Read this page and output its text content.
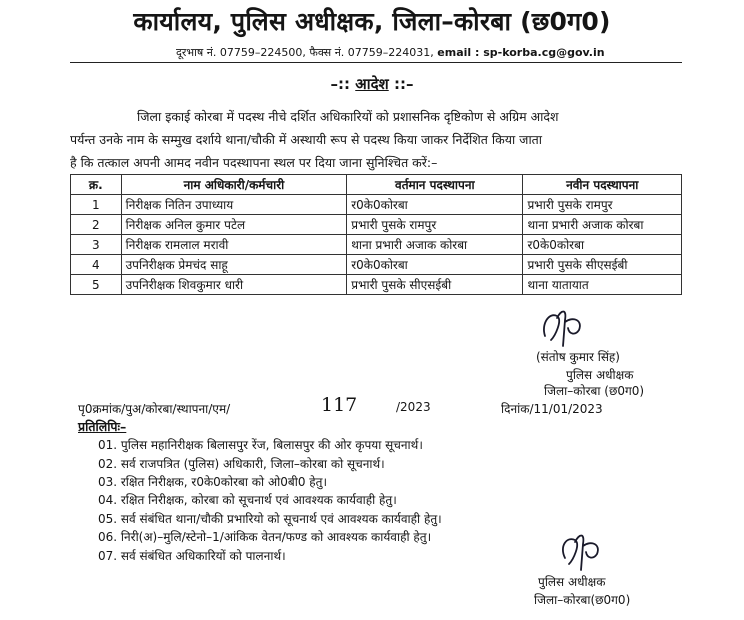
कार्यालय, पुलिस अधीक्षक, जिला–कोरबा (छ0ग0)
दूरभाष नं. 07759–224500, फैक्स नं. 07759–224031, email : sp-korba.cg@gov.in
–:: आदेश ::–
जिला इकाई कोरबा में पदस्थ नीचे दर्शित अधिकारियों को प्रशासनिक दृष्टिकोण से अग्रिम आदेश
पर्यन्त उनके नाम के सम्मुख दर्शाये थाना/चौकी में अस्थायी रूप से पदस्थ किया जाकर निर्देशित किया जाता
है कि तत्काल अपनी आमद नवीन पदस्थापना स्थल पर दिया जाना सुनिश्चित करें:–
क्र.	नाम अधिकारी/कर्मचारी	वर्तमान पदस्थापना	नवीन पदस्थापना
1	निरीक्षक नितिन उपाध्याय	र0के0कोरबा	प्रभारी पुसके रामपुर
2	निरीक्षक अनिल कुमार पटेल	प्रभारी पुसके रामपुर	थाना प्रभारी अजाक कोरबा
3	निरीक्षक रामलाल मरावी	थाना प्रभारी अजाक कोरबा	र0के0कोरबा
4	उपनिरीक्षक प्रेमचंद साहू	र0के0कोरबा	प्रभारी पुसके सीएसईबी
5	उपनिरीक्षक शिवकुमार धारी	प्रभारी पुसके सीएसईबी	थाना यातायात
(संतोष कुमार सिंह)
पुलिस अधीक्षक
जिला–कोरबा (छ0ग0)
पृ0क्रमांक/पुअ/कोरबा/स्थापना/एम/	117	/2023	दिनांक/11/01/2023
प्रतिलिपिः–
01. पुलिस महानिरीक्षक बिलासपुर रेंज, बिलासपुर की ओर कृपया सूचनार्थ।
02. सर्व राजपत्रित (पुलिस) अधिकारी, जिला–कोरबा को सूचनार्थ।
03. रक्षित निरीक्षक, र0के0कोरबा को ओ0बी0 हेतु।
04. रक्षित निरीक्षक, कोरबा को सूचनार्थ एवं आवश्यक कार्यवाही हेतु।
05. सर्व संबंधित थाना/चौकी प्रभारियो को सूचनार्थ एवं आवश्यक कार्यवाही हेतु।
06. निरी(अ)–मुलि/स्टेनो–1/आंकिक वेतन/फण्ड को आवश्यक कार्यवाही हेतु।
07. सर्व संबंधित अधिकारियों को पालनार्थ।
पुलिस अधीक्षक
जिला–कोरबा(छ0ग0)
